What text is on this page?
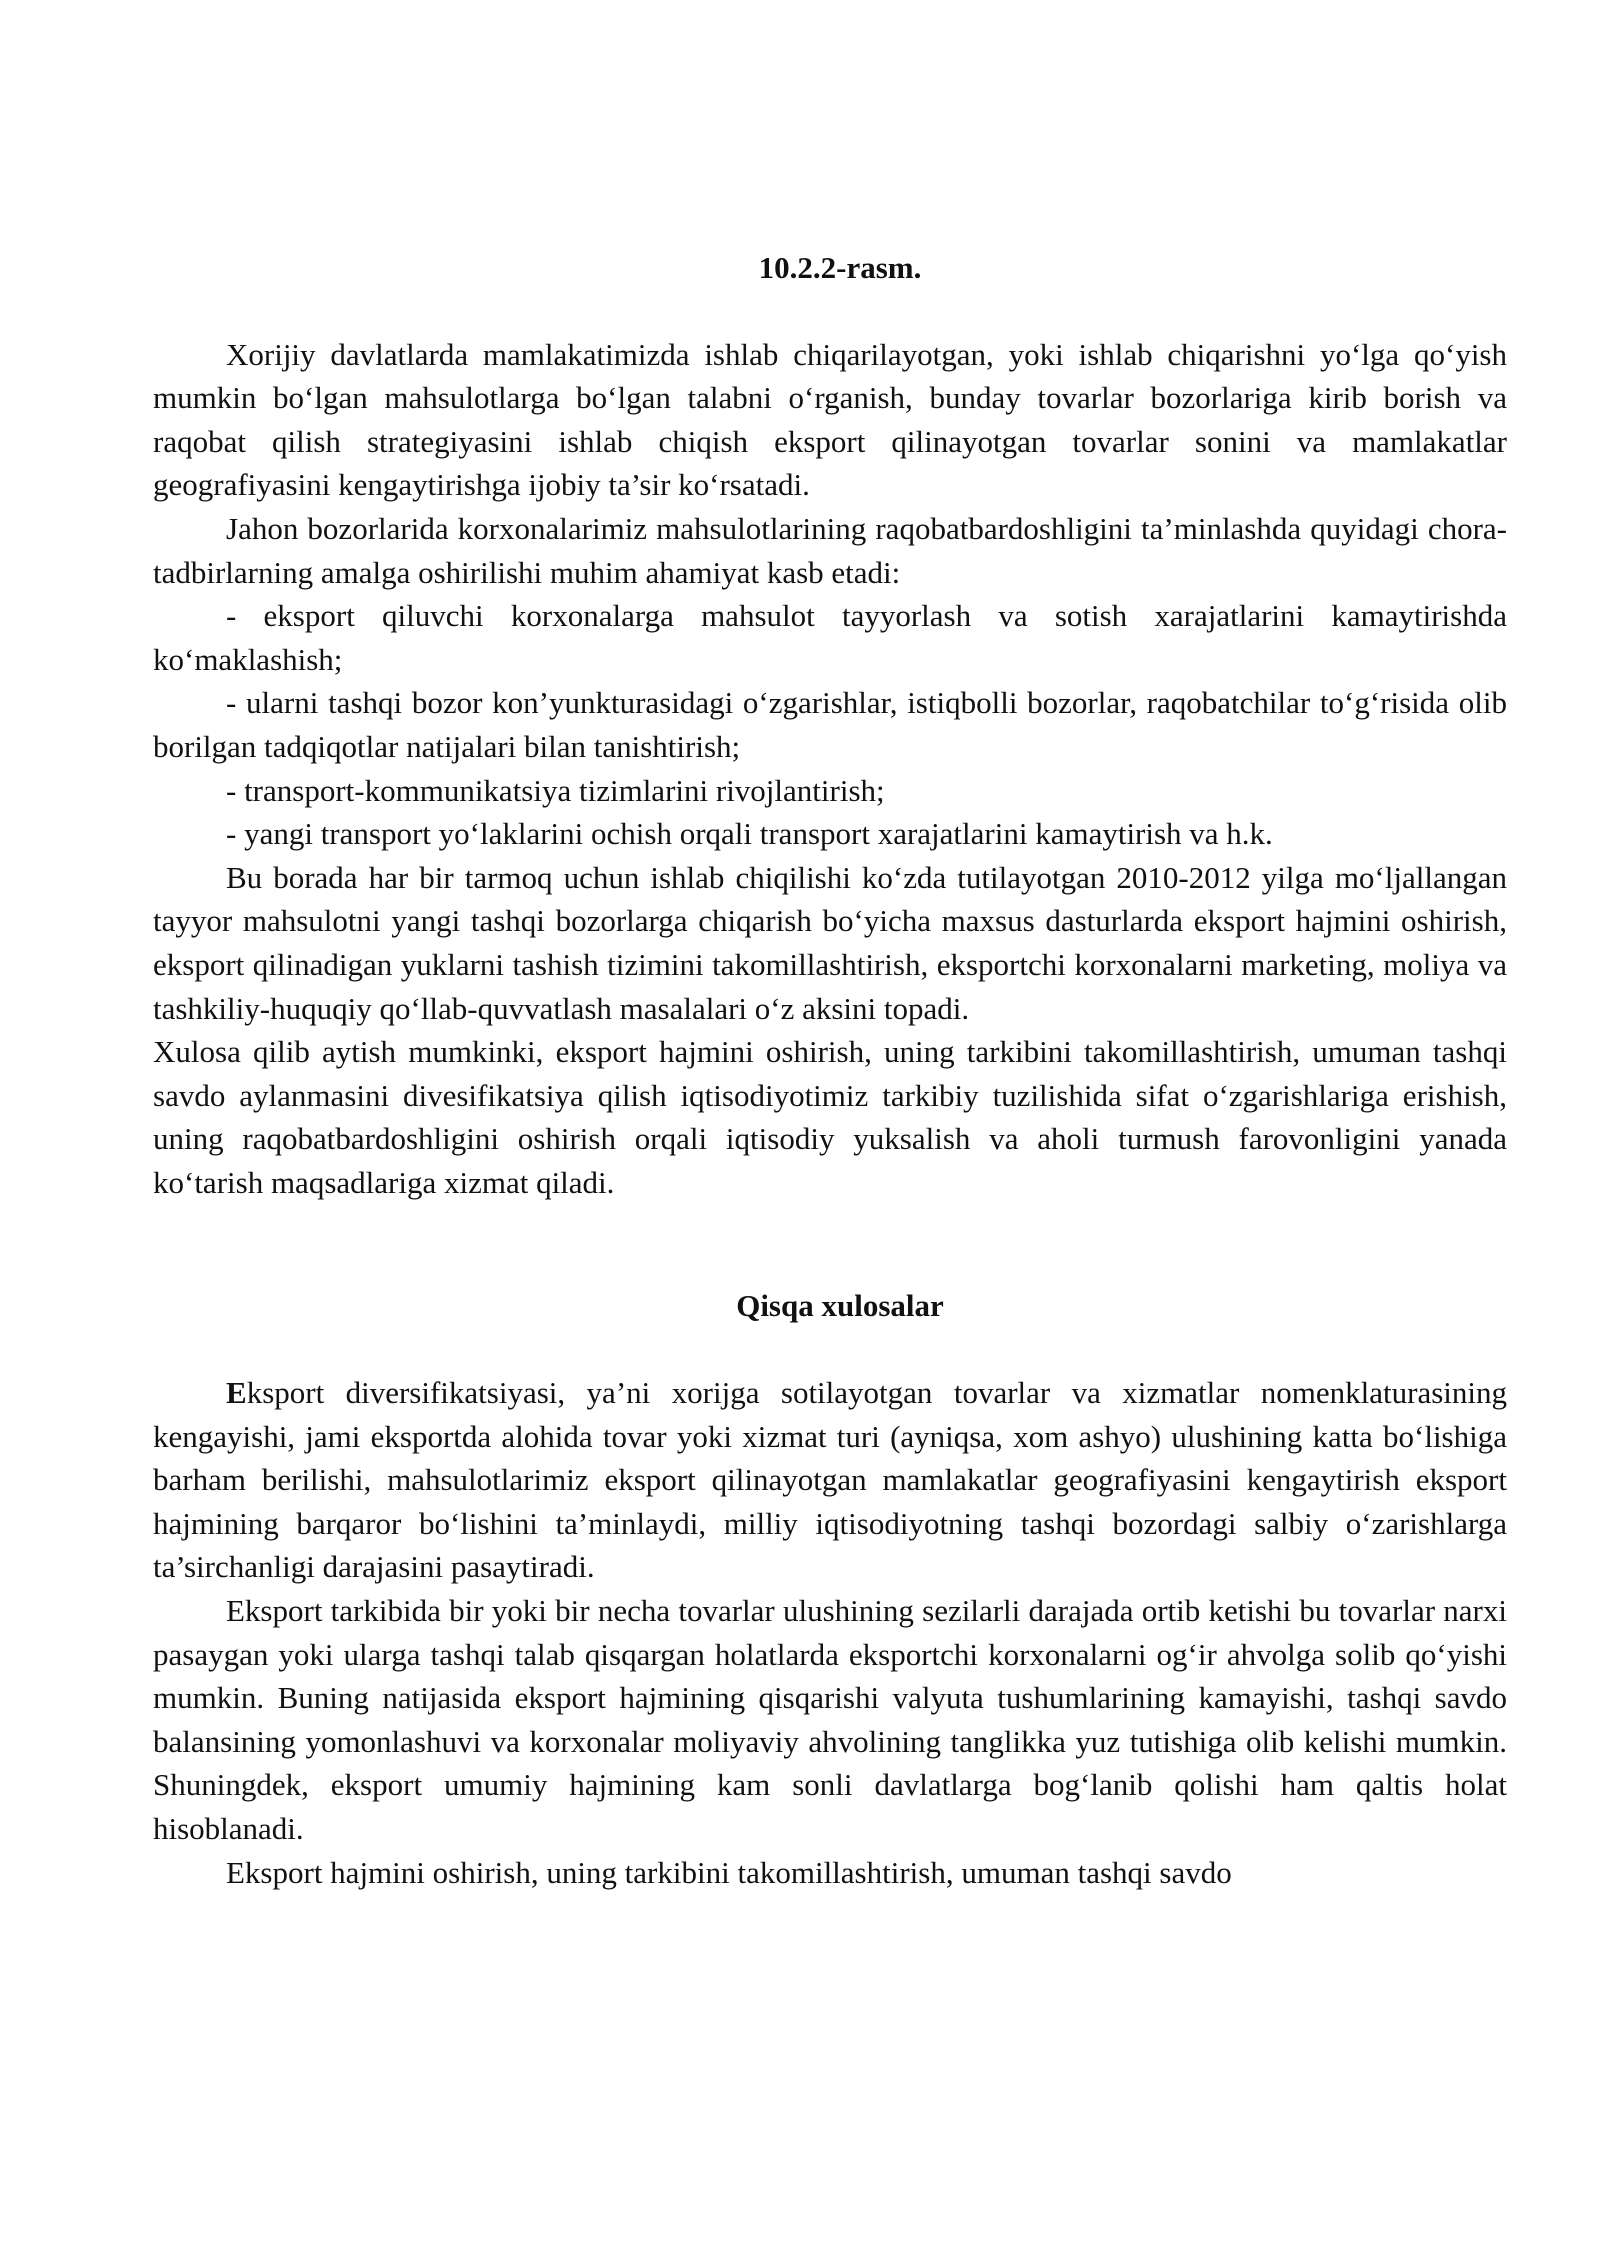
10.2.2-rasm.

Xorijiy davlatlarda mamlakatimizda ishlab chiqarilayotgan, yoki ishlab chiqarishni yo‘lga qo‘yish mumkin bo‘lgan mahsulotlarga bo‘lgan talabni o‘rganish, bunday tovarlar bozorlariga kirib borish va raqobat qilish strategiyasini ishlab chiqish eksport qilinayotgan tovarlar sonini va mamlakatlar geografiyasini kengaytirishga ijobiy ta’sir ko‘rsatadi.

Jahon bozorlarida korxonalarimiz mahsulotlarining raqobatbardoshligini ta’minlashda quyidagi chora-tadbirlarning amalga oshirilishi muhim ahamiyat kasb etadi:

- eksport qiluvchi korxonalarga mahsulot tayyorlash va sotish xarajatlarini kamaytirishda ko‘maklashish;

- ularni tashqi bozor kon’yunkturasidagi o‘zgarishlar, istiqbolli bozorlar, raqobatchilar to‘g‘risida olib borilgan tadqiqotlar natijalari bilan tanishtirish;

- transport-kommunikatsiya tizimlarini rivojlantirish;

- yangi transport yo‘laklarini ochish orqali transport xarajatlarini kamaytirish va h.k.

Bu borada har bir tarmoq uchun ishlab chiqilishi ko‘zda tutilayotgan 2010-2012 yilga mo‘ljallangan tayyor mahsulotni yangi tashqi bozorlarga chiqarish bo‘yicha maxsus dasturlarda eksport hajmini oshirish, eksport qilinadigan yuklarni tashish tizimini takomillashtirish, eksportchi korxonalarni marketing, moliya va tashkiliy-huquqiy qo‘llab-quvvatlash masalalari o‘z aksini topadi.

Xulosa qilib aytish mumkinki, eksport hajmini oshirish, uning tarkibini takomillashtirish, umuman tashqi savdo aylanmasini divesifikatsiya qilish iqtisodiyotimiz tarkibiy tuzilishida sifat o‘zgarishlariga erishish, uning raqobatbardoshligini oshirish orqali iqtisodiy yuksalish va aholi turmush farovonligini yanada ko‘tarish maqsadlariga xizmat qiladi.

Qisqa xulosalar

Eksport diversifikatsiyasi, ya’ni xorijga sotilayotgan tovarlar va xizmatlar nomenklaturasining kengayishi, jami eksportda alohida tovar yoki xizmat turi (ayniqsa, xom ashyo) ulushining katta bo‘lishiga barham berilishi, mahsulotlarimiz eksport qilinayotgan mamlakatlar geografiyasini kengaytirish eksport hajmining barqaror bo‘lishini ta’minlaydi, milliy iqtisodiyotning tashqi bozordagi salbiy o‘zarishlarga ta’sirchanligi darajasini pasaytiradi.

Eksport tarkibida bir yoki bir necha tovarlar ulushining sezilarli darajada ortib ketishi bu tovarlar narxi pasaygan yoki ularga tashqi talab qisqargan holatlarda eksportchi korxonalarni og‘ir ahvolga solib qo‘yishi mumkin. Buning natijasida eksport hajmining qisqarishi valyuta tushumlarining kamayishi, tashqi savdo balansining yomonlashuvi va korxonalar moliyaviy ahvolining tanglikka yuz tutishiga olib kelishi mumkin. Shuningdek, eksport umumiy hajmining kam sonli davlatlarga bog‘lanib qolishi ham qaltis holat hisoblanadi.

Eksport hajmini oshirish, uning tarkibini takomillashtirish, umuman tashqi savdo
